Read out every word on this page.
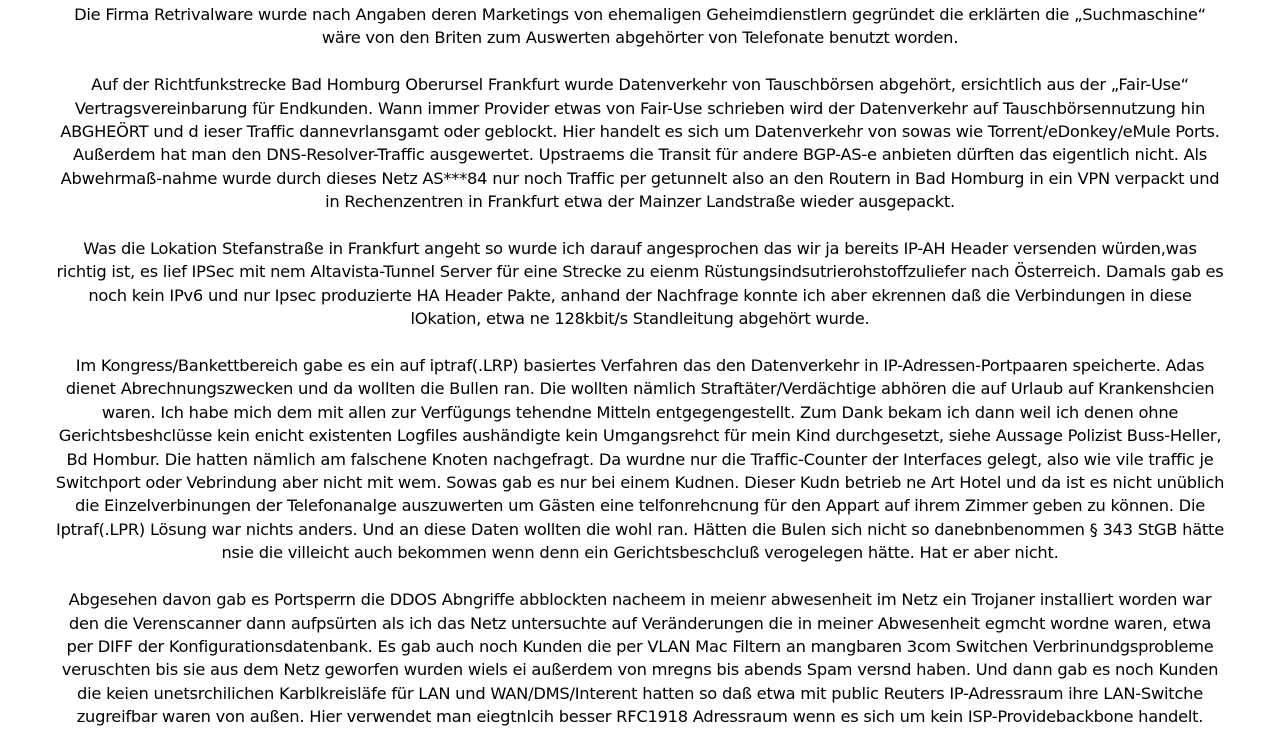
Die Firma Retrivalware wurde nach Angaben deren Marketings von ehemaligen Geheimdienstlern gegründet die erklärten die „Suchmaschine“
wäre von den Briten zum Auswerten abgehörter von Telefonate benutzt worden.

Auf der Richtfunkstrecke Bad Homburg Oberursel Frankfurt wurde Datenverkehr von Tauschbörsen abgehört, ersichtlich aus der „Fair-Use“
Vertragsvereinbarung für Endkunden. Wann immer Provider etwas von Fair-Use schrieben wird der Datenverkehr auf Tauschbörsennutzung hin
ABGHEÖRT und d ieser Traffic dannevrlansgamt oder geblockt. Hier handelt es sich um Datenverkehr von sowas wie Torrent/eDonkey/eMule Ports.
Außerdem hat man den DNS-Resolver-Traffic ausgewertet. Upstraems die Transit für andere BGP-AS-e anbieten dürften das eigentlich nicht. Als
Abwehrmaß-nahme wurde durch dieses Netz AS***84 nur noch Traffic per getunnelt also an den Routern in Bad Homburg in ein VPN verpackt und
in Rechenzentren in Frankfurt etwa der Mainzer Landstraße wieder ausgepackt.

Was die Lokation Stefanstraße in Frankfurt angeht so wurde ich darauf angesprochen das wir ja bereits IP-AH Header versenden würden,was
richtig ist, es lief IPSec mit nem Altavista-Tunnel Server für eine Strecke zu eienm Rüstungsindsutrierohstoffzuliefer nach Österreich. Damals gab es
noch kein IPv6 und nur Ipsec produzierte HA Header Pakte, anhand der Nachfrage konnte ich aber ekrennen daß die Verbindungen in diese
lOkation, etwa ne 128kbit/s Standleitung abgehört wurde.

Im Kongress/Bankettbereich gabe es ein auf iptraf(.LRP) basiertes Verfahren das den Datenverkehr in IP-Adressen-Portpaaren speicherte. Adas
dienet Abrechnungszwecken und da wollten die Bullen ran. Die wollten nämlich Straftäter/Verdächtige abhören die auf Urlaub auf Krankenshcien
waren. Ich habe mich dem mit allen zur Verfügungs tehendne Mitteln entgegengestellt. Zum Dank bekam ich dann weil ich denen ohne
Gerichtsbeshclüsse kein enicht existenten Logfiles aushändigte kein Umgangsrehct für mein Kind durchgesetzt, siehe Aussage Polizist Buss-Heller,
Bd Hombur. Die hatten nämlich am falschene Knoten nachgefragt. Da wurdne nur die Traffic-Counter der Interfaces gelegt, also wie vile traffic je
Switchport oder Vebrindung aber nicht mit wem. Sowas gab es nur bei einem Kudnen. Dieser Kudn betrieb ne Art Hotel und da ist es nicht unüblich
die Einzelverbinungen der Telefonanalge auszuwerten um Gästen eine telfonrehcnung für den Appart auf ihrem Zimmer geben zu können. Die
Iptraf(.LPR) Lösung war nichts anders. Und an diese Daten wollten die wohl ran. Hätten die Bulen sich nicht so danebnbenommen § 343 StGB hätte
nsie die villeicht auch bekommen wenn denn ein Gerichtsbeschcluß verogelegen hätte. Hat er aber nicht.

Abgesehen davon gab es Portsperrn die DDOS Abngriffe abblockten nacheem in meienr abwesenheit im Netz ein Trojaner installiert worden war
den die Verenscanner dann aufpsürten als ich das Netz untersuchte auf Veränderungen die in meiner Abwesenheit egmcht wordne waren, etwa
per DIFF der Konfigurationsdatenbank. Es gab auch noch Kunden die per VLAN Mac Filtern an mangbaren 3com Switchen Verbrinundgsprobleme
veruschten bis sie aus dem Netz geworfen wurden wiels ei außerdem von mregns bis abends Spam versnd haben. Und dann gab es noch Kunden
die keien unetsrchilichen Karblkreisläfe für LAN und WAN/DMS/Interent hatten so daß etwa mit public Reuters IP-Adressraum ihre LAN-Switche
zugreifbar waren von außen. Hier verwendet man eiegtnlcih besser RFC1918 Adressraum wenn es sich um kein ISP-Providebackbone handelt.
